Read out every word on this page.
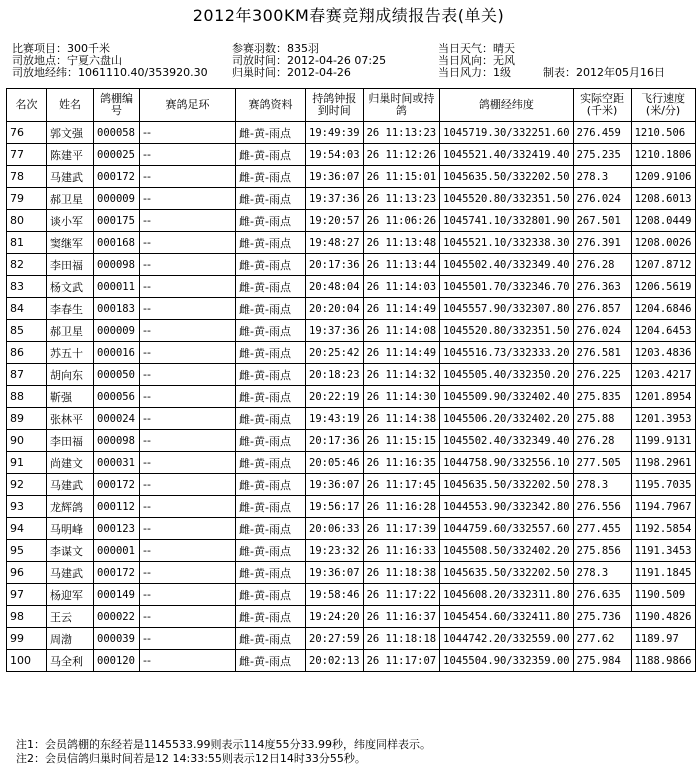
2012年300KM春赛竞翔成绩报告表(单关)
比赛项目：300千米
司放地点：宁夏六盘山
司放地经纬：1061110.40/353920.30
参赛羽数：835羽
司放时间：2012-04-26 07:25
归巢时间：2012-04-26
当日天气：晴天
当日风向：无风
当日风力：1级	制表：2012年05月16日
名次	姓名	鸽棚编号	赛鸽足环	赛鸽资料	持鸽钟报到时间	归巢时间或持鸽	鸽棚经纬度	实际空距(千米)	飞行速度(米/分)
76	郭文强	000058	--	雌-黄-雨点	19:49:39	26 11:13:23	1045719.30/332251.60	276.459	1210.506
77	陈建平	000025	--	雌-黄-雨点	19:54:03	26 11:12:26	1045521.40/332419.40	275.235	1210.1806
78	马建武	000172	--	雌-黄-雨点	19:36:07	26 11:15:01	1045635.50/332202.50	278.3	1209.9106
79	郝卫星	000009	--	雌-黄-雨点	19:37:36	26 11:13:23	1045520.80/332351.50	276.024	1208.6013
80	谈小军	000175	--	雌-黄-雨点	19:20:57	26 11:06:26	1045741.10/332801.90	267.501	1208.0449
81	窦继军	000168	--	雌-黄-雨点	19:48:27	26 11:13:48	1045521.10/332338.30	276.391	1208.0026
82	李田福	000098	--	雌-黄-雨点	20:17:36	26 11:13:44	1045502.40/332349.40	276.28	1207.8712
83	杨文武	000011	--	雌-黄-雨点	20:48:04	26 11:14:03	1045501.70/332346.70	276.363	1206.5619
84	李春生	000183	--	雌-黄-雨点	20:20:04	26 11:14:49	1045557.90/332307.80	276.857	1204.6846
85	郝卫星	000009	--	雌-黄-雨点	19:37:36	26 11:14:08	1045520.80/332351.50	276.024	1204.6453
86	苏五十	000016	--	雌-黄-雨点	20:25:42	26 11:14:49	1045516.73/332333.20	276.581	1203.4836
87	胡向东	000050	--	雌-黄-雨点	20:18:23	26 11:14:32	1045505.40/332350.20	276.225	1203.4217
88	靳强	000056	--	雌-黄-雨点	20:22:19	26 11:14:30	1045509.90/332402.40	275.835	1201.8954
89	张林平	000024	--	雌-黄-雨点	19:43:19	26 11:14:38	1045506.20/332402.20	275.88	1201.3953
90	李田福	000098	--	雌-黄-雨点	20:17:36	26 11:15:15	1045502.40/332349.40	276.28	1199.9131
91	尚建文	000031	--	雌-黄-雨点	20:05:46	26 11:16:35	1044758.90/332556.10	277.505	1198.2961
92	马建武	000172	--	雌-黄-雨点	19:36:07	26 11:17:45	1045635.50/332202.50	278.3	1195.7035
93	龙辉鸽	000112	--	雌-黄-雨点	19:56:17	26 11:16:28	1044553.90/332342.80	276.556	1194.7967
94	马明峰	000123	--	雌-黄-雨点	20:06:33	26 11:17:39	1044759.60/332557.60	277.455	1192.5854
95	李谋文	000001	--	雌-黄-雨点	19:23:32	26 11:16:33	1045508.50/332402.20	275.856	1191.3453
96	马建武	000172	--	雌-黄-雨点	19:36:07	26 11:18:38	1045635.50/332202.50	278.3	1191.1845
97	杨迎军	000149	--	雌-黄-雨点	19:58:46	26 11:17:22	1045608.20/332311.80	276.635	1190.509
98	王云	000022	--	雌-黄-雨点	19:24:20	26 11:16:37	1045454.60/332411.80	275.736	1190.4826
99	周渤	000039	--	雌-黄-雨点	20:27:59	26 11:18:18	1044742.20/332559.00	277.62	1189.97
100	马全利	000120	--	雌-黄-雨点	20:02:13	26 11:17:07	1045504.90/332359.00	275.984	1188.9866
注1：会员鸽棚的东经若是1145533.99则表示114度55分33.99秒，纬度同样表示。
注2：会员信鸽归巢时间若是12 14:33:55则表示12日14时33分55秒。
